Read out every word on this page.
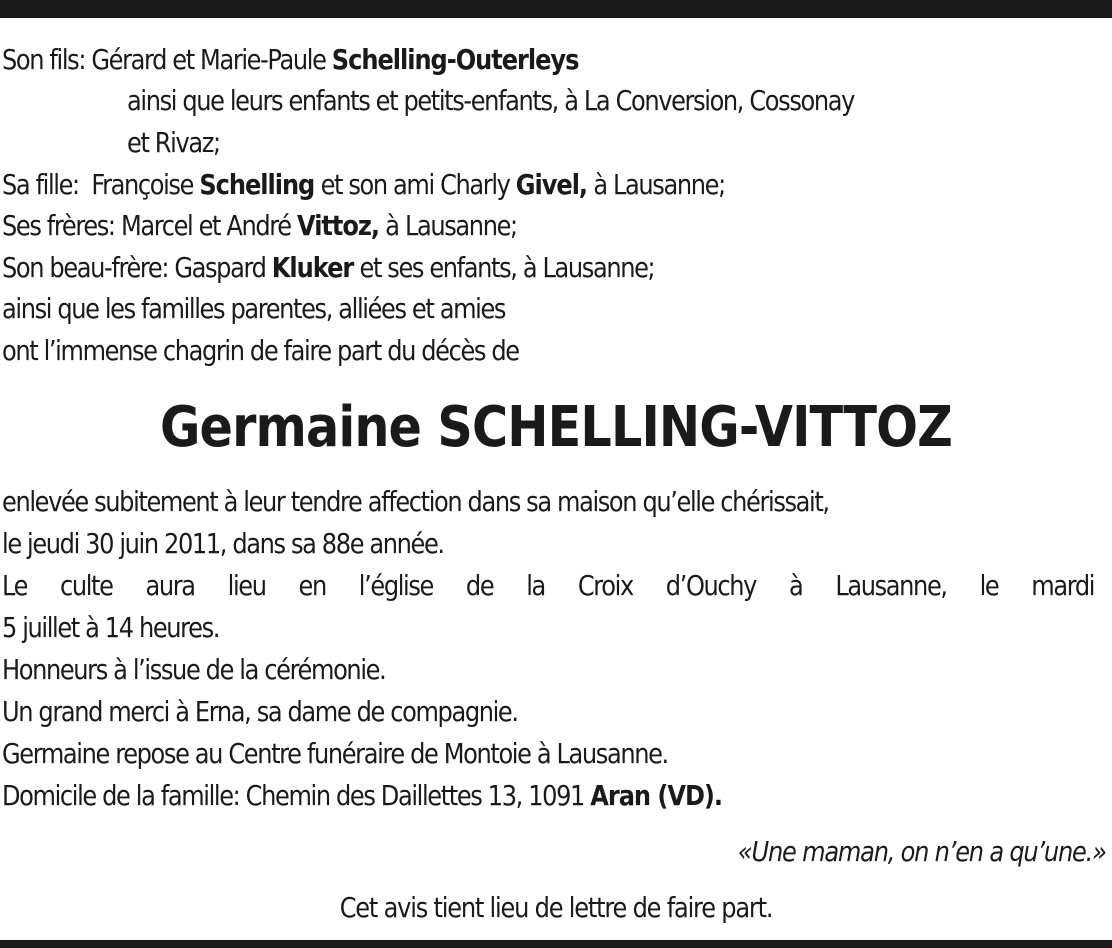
Son fils: Gérard et Marie-Paule Schelling-Outerleys
ainsi que leurs enfants et petits-enfants, à La Conversion, Cossonay
et Rivaz;
Sa fille: Françoise Schelling et son ami Charly Givel, à Lausanne;
Ses frères: Marcel et André Vittoz, à Lausanne;
Son beau-frère: Gaspard Kluker et ses enfants, à Lausanne;
ainsi que les familles parentes, alliées et amies
ont l’immense chagrin de faire part du décès de
Germaine SCHELLING-VITTOZ
enlevée subitement à leur tendre affection dans sa maison qu’elle chérissait,
le jeudi 30 juin 2011, dans sa 88e année.
Le culte aura lieu en l’église de la Croix d’Ouchy à Lausanne, le mardi
5 juillet à 14 heures.
Honneurs à l’issue de la cérémonie.
Un grand merci à Erna, sa dame de compagnie.
Germaine repose au Centre funéraire de Montoie à Lausanne.
Domicile de la famille: Chemin des Daillettes 13, 1091 Aran (VD).
«Une maman, on n’en a qu’une.»
Cet avis tient lieu de lettre de faire part.
